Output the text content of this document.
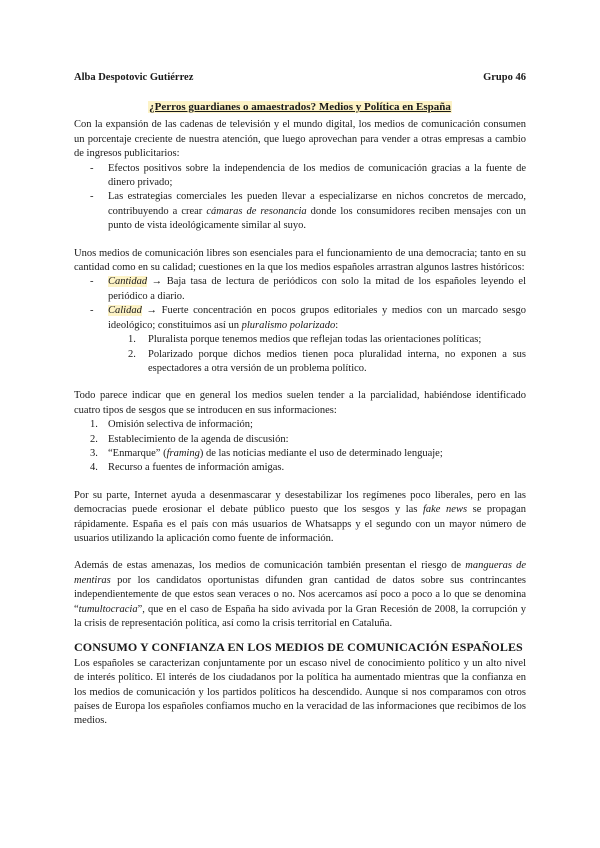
Alba Despotovic Gutiérrez	Grupo 46
¿Perros guardianes o amaestrados? Medios y Política en España

Con la expansión de las cadenas de televisión y el mundo digital, los medios de comunicación consumen un porcentaje creciente de nuestra atención, que luego aprovechan para vender a otras empresas a cambio de ingresos publicitarios:

- Efectos positivos sobre la independencia de los medios de comunicación gracias a la fuente de dinero privado;
- Las estrategias comerciales les pueden llevar a especializarse en nichos concretos de mercado, contribuyendo a crear cámaras de resonancia donde los consumidores reciben mensajes con un punto de vista ideológicamente similar al suyo.

Unos medios de comunicación libres son esenciales para el funcionamiento de una democracia; tanto en su cantidad como en su calidad; cuestiones en la que los medios españoles arrastran algunos lastres históricos:

- Cantidad → Baja tasa de lectura de periódicos con solo la mitad de los españoles leyendo el periódico a diario.
- Calidad → Fuerte concentración en pocos grupos editoriales y medios con un marcado sesgo ideológico; constituimos así un pluralismo polarizado:
1. Pluralista porque tenemos medios que reflejan todas las orientaciones políticas;
2. Polarizado porque dichos medios tienen poca pluralidad interna, no exponen a sus espectadores a otra versión de un problema político.

Todo parece indicar que en general los medios suelen tender a la parcialidad, habiéndose identificado cuatro tipos de sesgos que se introducen en sus informaciones:

1. Omisión selectiva de información;
2. Establecimiento de la agenda de discusión:
3. “Enmarque” (framing) de las noticias mediante el uso de determinado lenguaje;
4. Recurso a fuentes de información amigas.

Por su parte, Internet ayuda a desenmascarar y desestabilizar los regímenes poco liberales, pero en las democracias puede erosionar el debate público puesto que los sesgos y las fake news se propagan rápidamente. España es el país con más usuarios de Whatsapps y el segundo con un mayor número de usuarios utilizando la aplicación como fuente de información.

Además de estas amenazas, los medios de comunicación también presentan el riesgo de mangueras de mentiras por los candidatos oportunistas difunden gran cantidad de datos sobre sus contrincantes independientemente de que estos sean veraces o no. Nos acercamos así poco a poco a lo que se denomina “tumultocracia”, que en el caso de España ha sido avivada por la Gran Recesión de 2008, la corrupción y la crisis de representación política, así como la crisis territorial en Cataluña.

CONSUMO Y CONFIANZA EN LOS MEDIOS DE COMUNICACIÓN ESPAÑOLES

Los españoles se caracterizan conjuntamente por un escaso nivel de conocimiento político y un alto nivel de interés político. El interés de los ciudadanos por la política ha aumentado mientras que la confianza en los medios de comunicación y los partidos políticos ha descendido. Aunque si nos comparamos con otros países de Europa los españoles confiamos mucho en la veracidad de las informaciones que recibimos de los medios.
